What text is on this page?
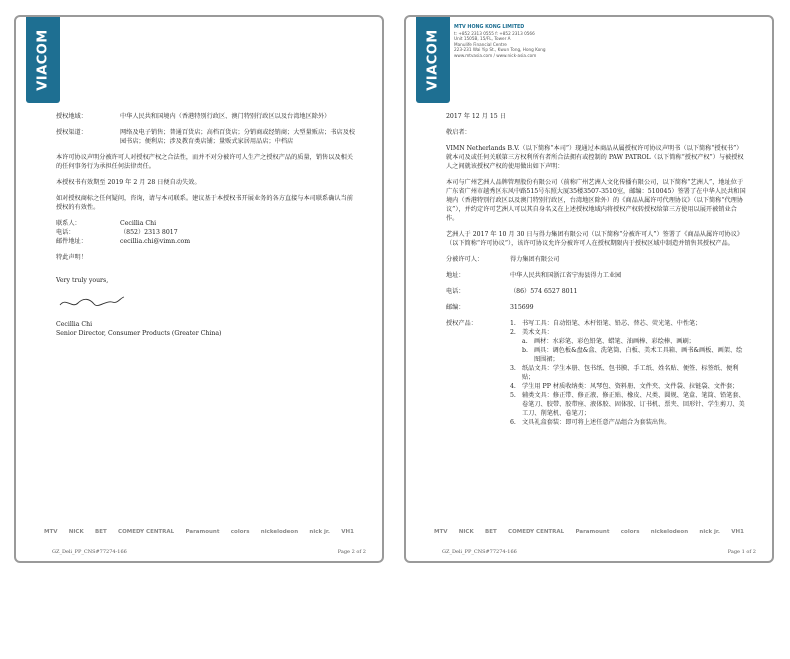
VIACOM
授权地域：	中华人民共和国境内（香港特别行政区、澳门特别行政区以及台湾地区除外）
授权渠道：	网络及电子销售；普通百货店；高档百货店；分销商或经销商；大型量贩店；书店及校园书店；便利店；涉及教育类店铺；量贩式家居用品店；中档店
本许可协议声明分被许可人对授权产权之合法性，而并不对分被许可人生产之授权产品的质量，销售以及相关的任何事务行为承担任何法律责任。
本授权书有效期至 2019 年 2 月 28 日便自动失效。
如对授权商标之任何疑问，咨询，请与本司联系。建议基于本授权书开展业务的各方直接与本司联系确认当前授权的有效性。
联系人：	Cecillia Chi
电话：	（852）2313 8017
邮件地址：	cecillia.chi@vimn.com
特此声明！
Very truly yours,
Cecillia Chi
Senior Director, Consumer Products (Greater China)
MTV NICK BET COMEDY CENTRAL Paramount colors nickelodeon nick jr. VH1
GZ_Deli_PP_CNS#77274-166	Page 2 of 2
VIACOM
MTV HONG KONG LIMITED
t: +852 2313 0555 f: +852 2313 0566
Unit 1505B, 15/FL, Tower A
Manulife Financial Centre
223-231 Wai Yip St., Kwun Tong, Hong Kong
www.mtvasia.com / www.nick-asia.com
2017 年 12 月 15 日
敬启者：
VIMN Netherlands B.V.（以下简称“本司”）现通过本商品从属授权许可协议声明书（以下简称“授权书”）就本司及或任何关联第三方权利所有者所合法拥有或控制的 PAW PATROL（以下简称“授权产权”）与被授权人之间就该授权产权的使用做出如下声明：
本司与广州艺洲人品牌管理股份有限公司（前称广州艺洲人文化传播有限公司，以下简称“艺洲人”，地址位于广东省广州市越秀区东风中路515号东照大厦35楼3507-3510室，邮编：510045）签署了在中华人民共和国境内（香港特别行政区以及澳门特别行政区，台湾地区除外）的《商品从属许可代理协议》（以下简称“代理协议”），并约定许可艺洲人可以其自身名义在上述授权地域内将授权产权转授权给第三方使用以展开被销业合作。
艺洲人于 2017 年 10 月 30 日与得力集团有限公司（以下简称“分被许可人”）签署了《商品从属许可协议》（以下简称“许可协议”），该许可协议允许分被许可人在授权期限内于授权区域中制造并销售其授权产品。
分被许可人：	得力集团有限公司
地址：	中华人民共和国浙江省宁海县得力工业园
电话：	（86）574 6527 8011
邮编：	315699
授权产品：	1. 书写工具：自动铅笔、木杆铅笔、铅芯、替芯、荧光笔、中性笔；
2. 美术文具：
a.	画材：水彩笔、彩色铅笔、蜡笔、油画棒、彩绘棒、画刷；
b. 画具：调色板&盘&盒、洗笔筒、白板、美术工具箱、画书&画板、画架、绘图围裙；
3. 纸品文具：学生本册、包书纸、包书膜、手工纸、姓名贴、便签、标签纸、便利贴；
4. 学生用 PP 材质收纳类：风琴包、资料册、文件夹、文件袋、拉链袋、文件套；
5. 辅类文具：修正带、修正液、修正贴、橡皮、尺类、圆规、笔盒、笔筒、铅笔套、卷笔刀、胶带、胶带座、液体胶、固体胶、订书机、票夹、回形针、学生剪刀、美工刀、削笔机、卷笔刀；
6. 文具礼盒套装：即可将上述任意产品组合为套装出售。
MTV NICK BET COMEDY CENTRAL Paramount colors nickelodeon nick jr. VH1
GZ_Deli_PP_CNS#77274-166	Page 1 of 2
